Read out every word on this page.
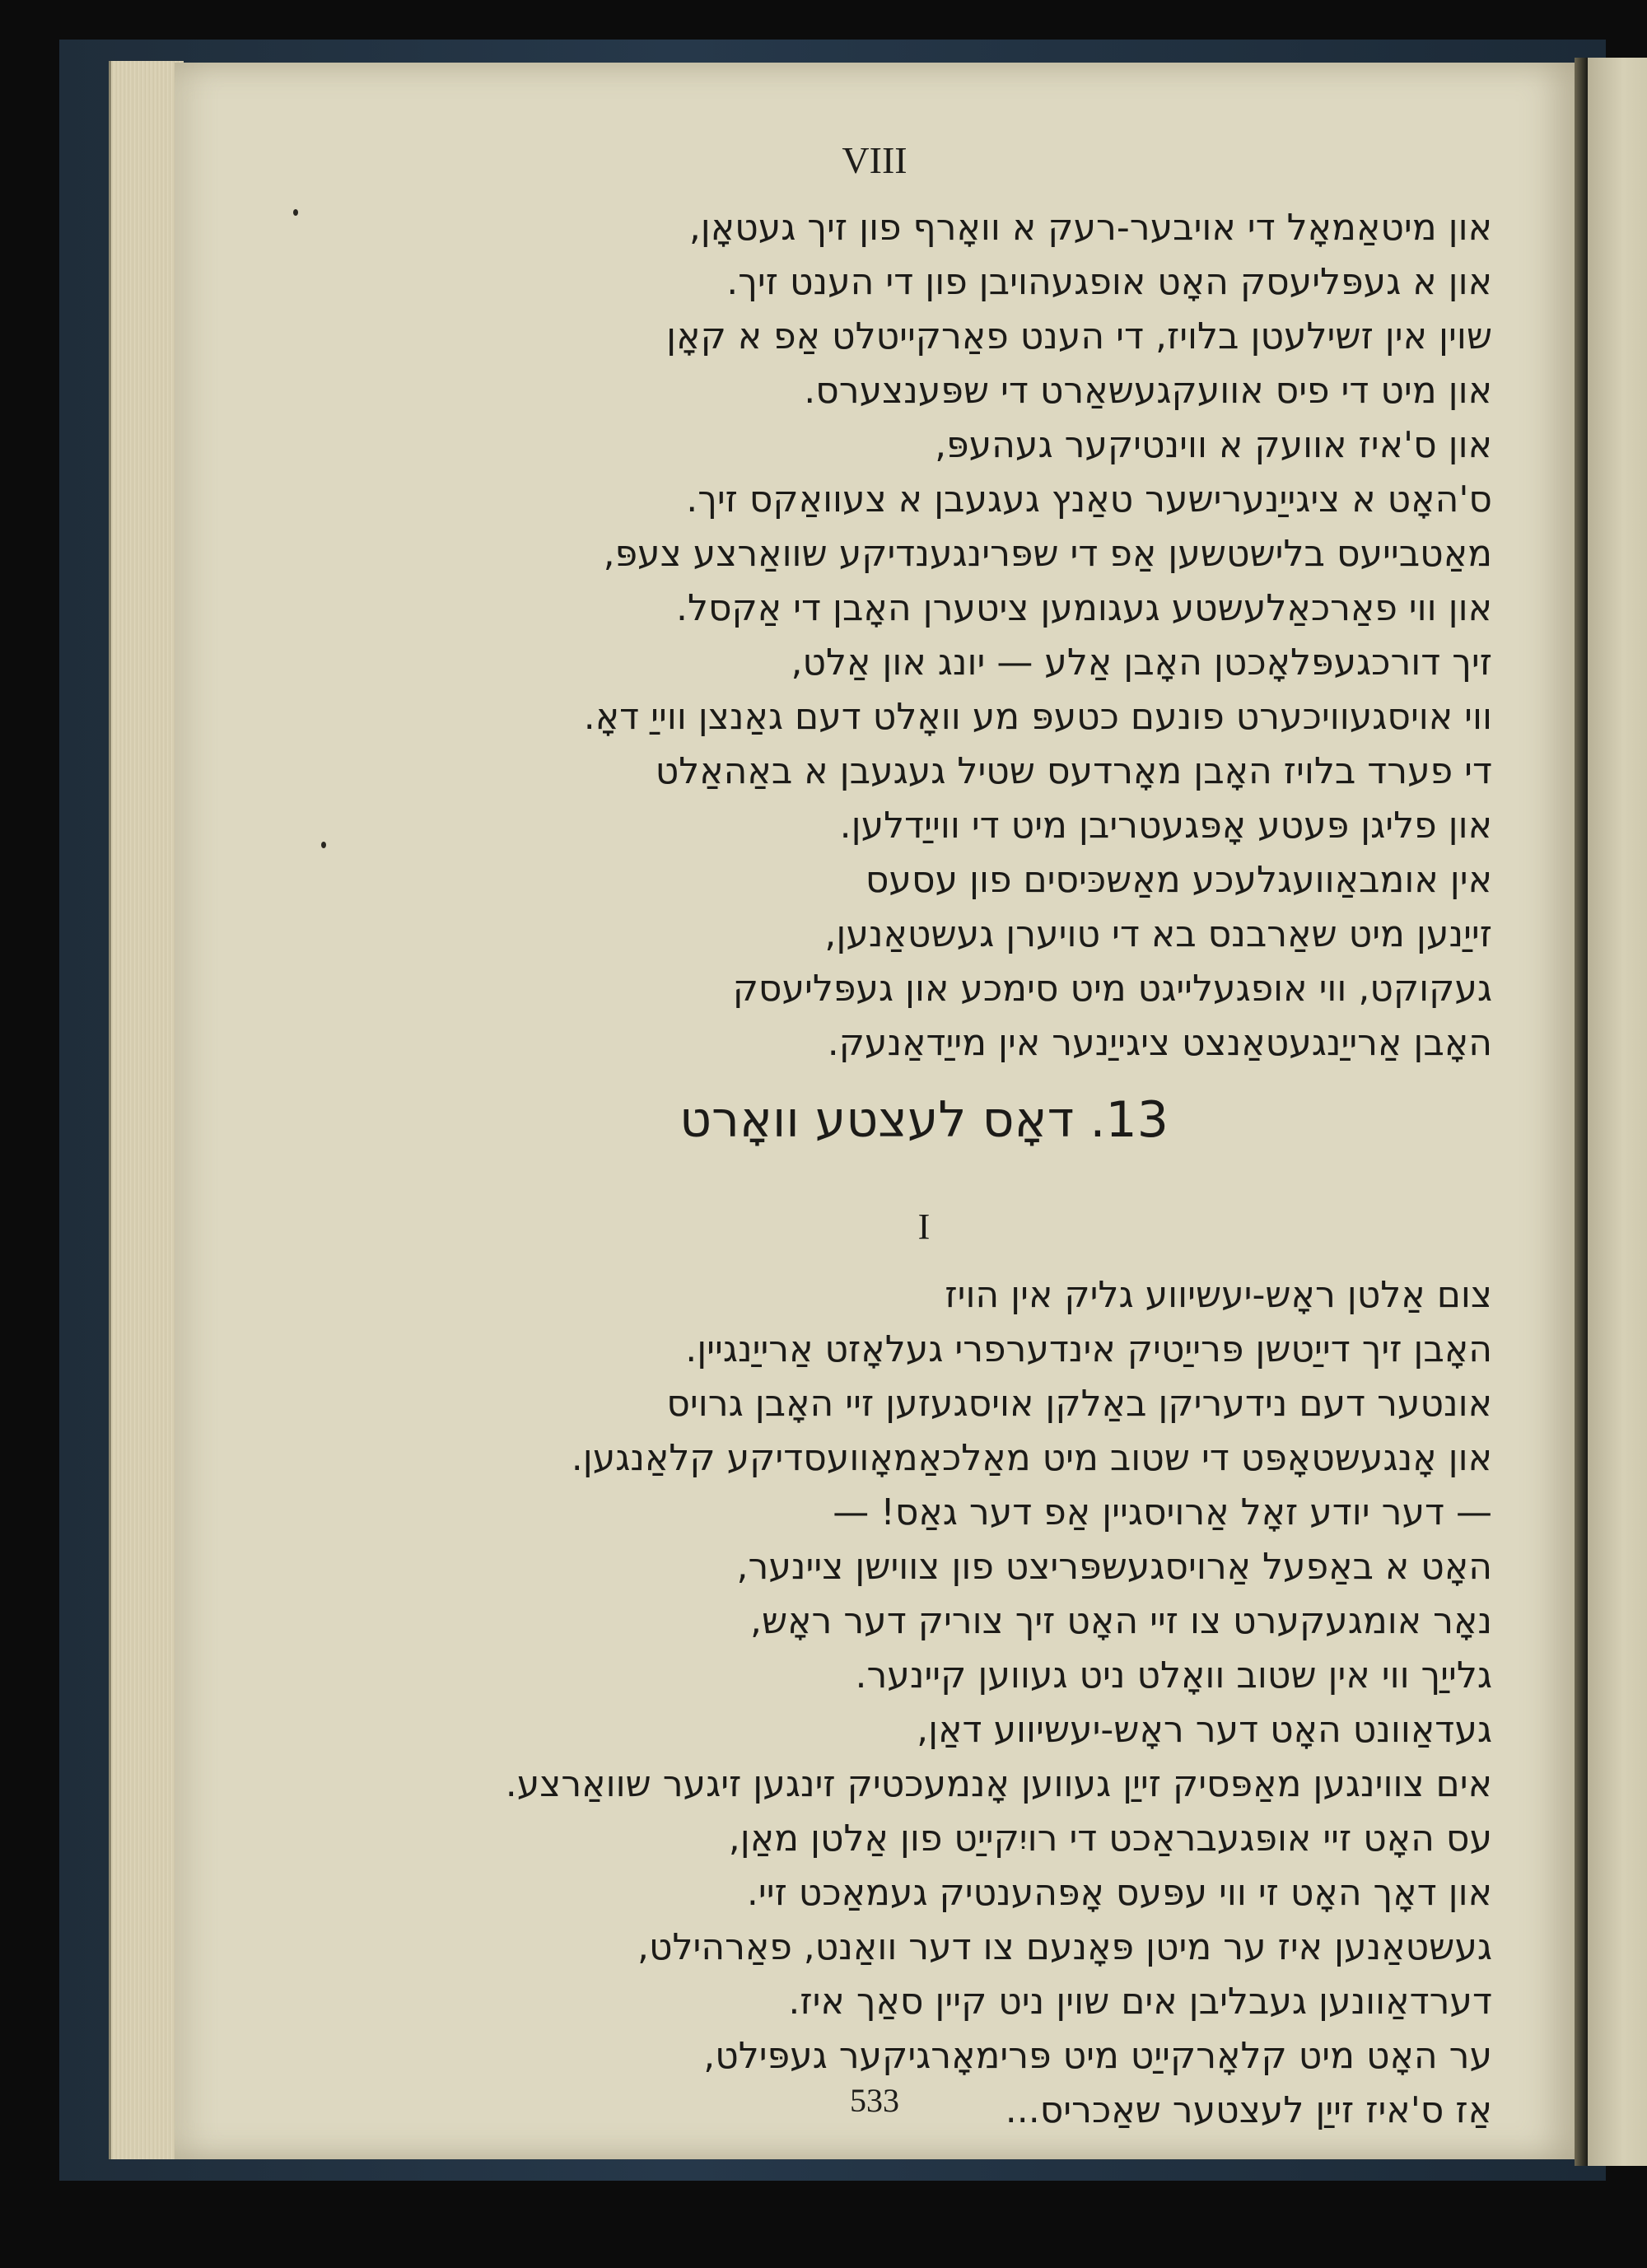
VIII
און מיטאַמאָל די אויבער-רעק א וואָרף פון זיך געטאָן,
און א געפּליעסק האָט אופגעהויבן פון די הענט זיך.
שוין אין זשילעטן בלויז, די הענט פאַרקייטלט אַפ א קאָן
און מיט די פיס אוועקגעשאַרט די שפּענצערס.
און ס'איז אוועק א ווינטיקער געהעפּ,
ס'האָט א ציגייַנערישער טאַנץ געגעבן א צעוואַקס זיך.
מאַטבייעס בלישטשען אַפ די שפּרינגענדיקע שוואַרצע צעפּ,
און ווי פאַרכאַלעשטע געגומען ציטערן האָבן די אַקסל.
זיך דורכגעפּלאָכטן האָבן אַלע — יונג און אַלט,
ווי אויסגעוויכערט פונעם כטעפּ מע וואָלט דעם גאַנצן ווייַ דאָ.
די פערד בלויז האָבן מאָרדעס שטיל געגעבן א באַהאַלט
און פליגן פּעטע אָפּגעטריבן מיט די ווייַדלען.
אין אומבאַוועגלעכע מאַשכּיסים פון עסעס
זייַנען מיט שאַרבנס בא די טויערן געשטאַנען,
געקוקט, ווי אופגעלייגט מיט סימכע און געפּליעסק
האָבן אַרייַנגעטאַנצט ציגייַנער אין מייַדאַנעק.
13. דאָס לעצטע וואָרט
I
צום אַלטן ראָש-יעשיווע גליק אין הויז
האָבן זיך דייַטשן פּרייַטיק אינדערפרי געלאָזט אַרייַנגיין.
אונטער דעם נידעריקן באַלקן אויסגעזען זיי האָבן גרויס
און אָנגעשטאָפּט די שטוב מיט מאַלכאַמאָוועסדיקע קלאַנגען.
— דער יודע זאָל אַרויסגיין אַפ דער גאַס! —
האָט א באַפעל אַרויסגעשפּריצט פון צווישן ציינער,
נאָר אומגעקערט צו זיי האָט זיך צוריק דער ראָש,
גלייַך ווי אין שטוב וואָלט ניט געווען קיינער.
געדאַוונט האָט דער ראָש-יעשיווע דאַן,
אים צווינגען מאַפּסיק זייַן געווען אָנמעכטיק זינגען זיגער שוואַרצע.
עס האָט זיי אופּגעבראַכט די רויִקייַט פון אַלטן מאַן,
און דאָך האָט זי ווי עפּעס אָפּהענטיק געמאַכט זיי.
געשטאַנען איז ער מיטן פּאָנעם צו דער וואַנט, פאַרהילט,
דערדאַוונען געבליבן אים שוין ניט קיין סאַך איז.
ער האָט מיט קלאָרקייַט מיט פּרימאָרגיקער געפּילט,
אַז ס'איז זייַן לעצטער שאַכריס...
533
